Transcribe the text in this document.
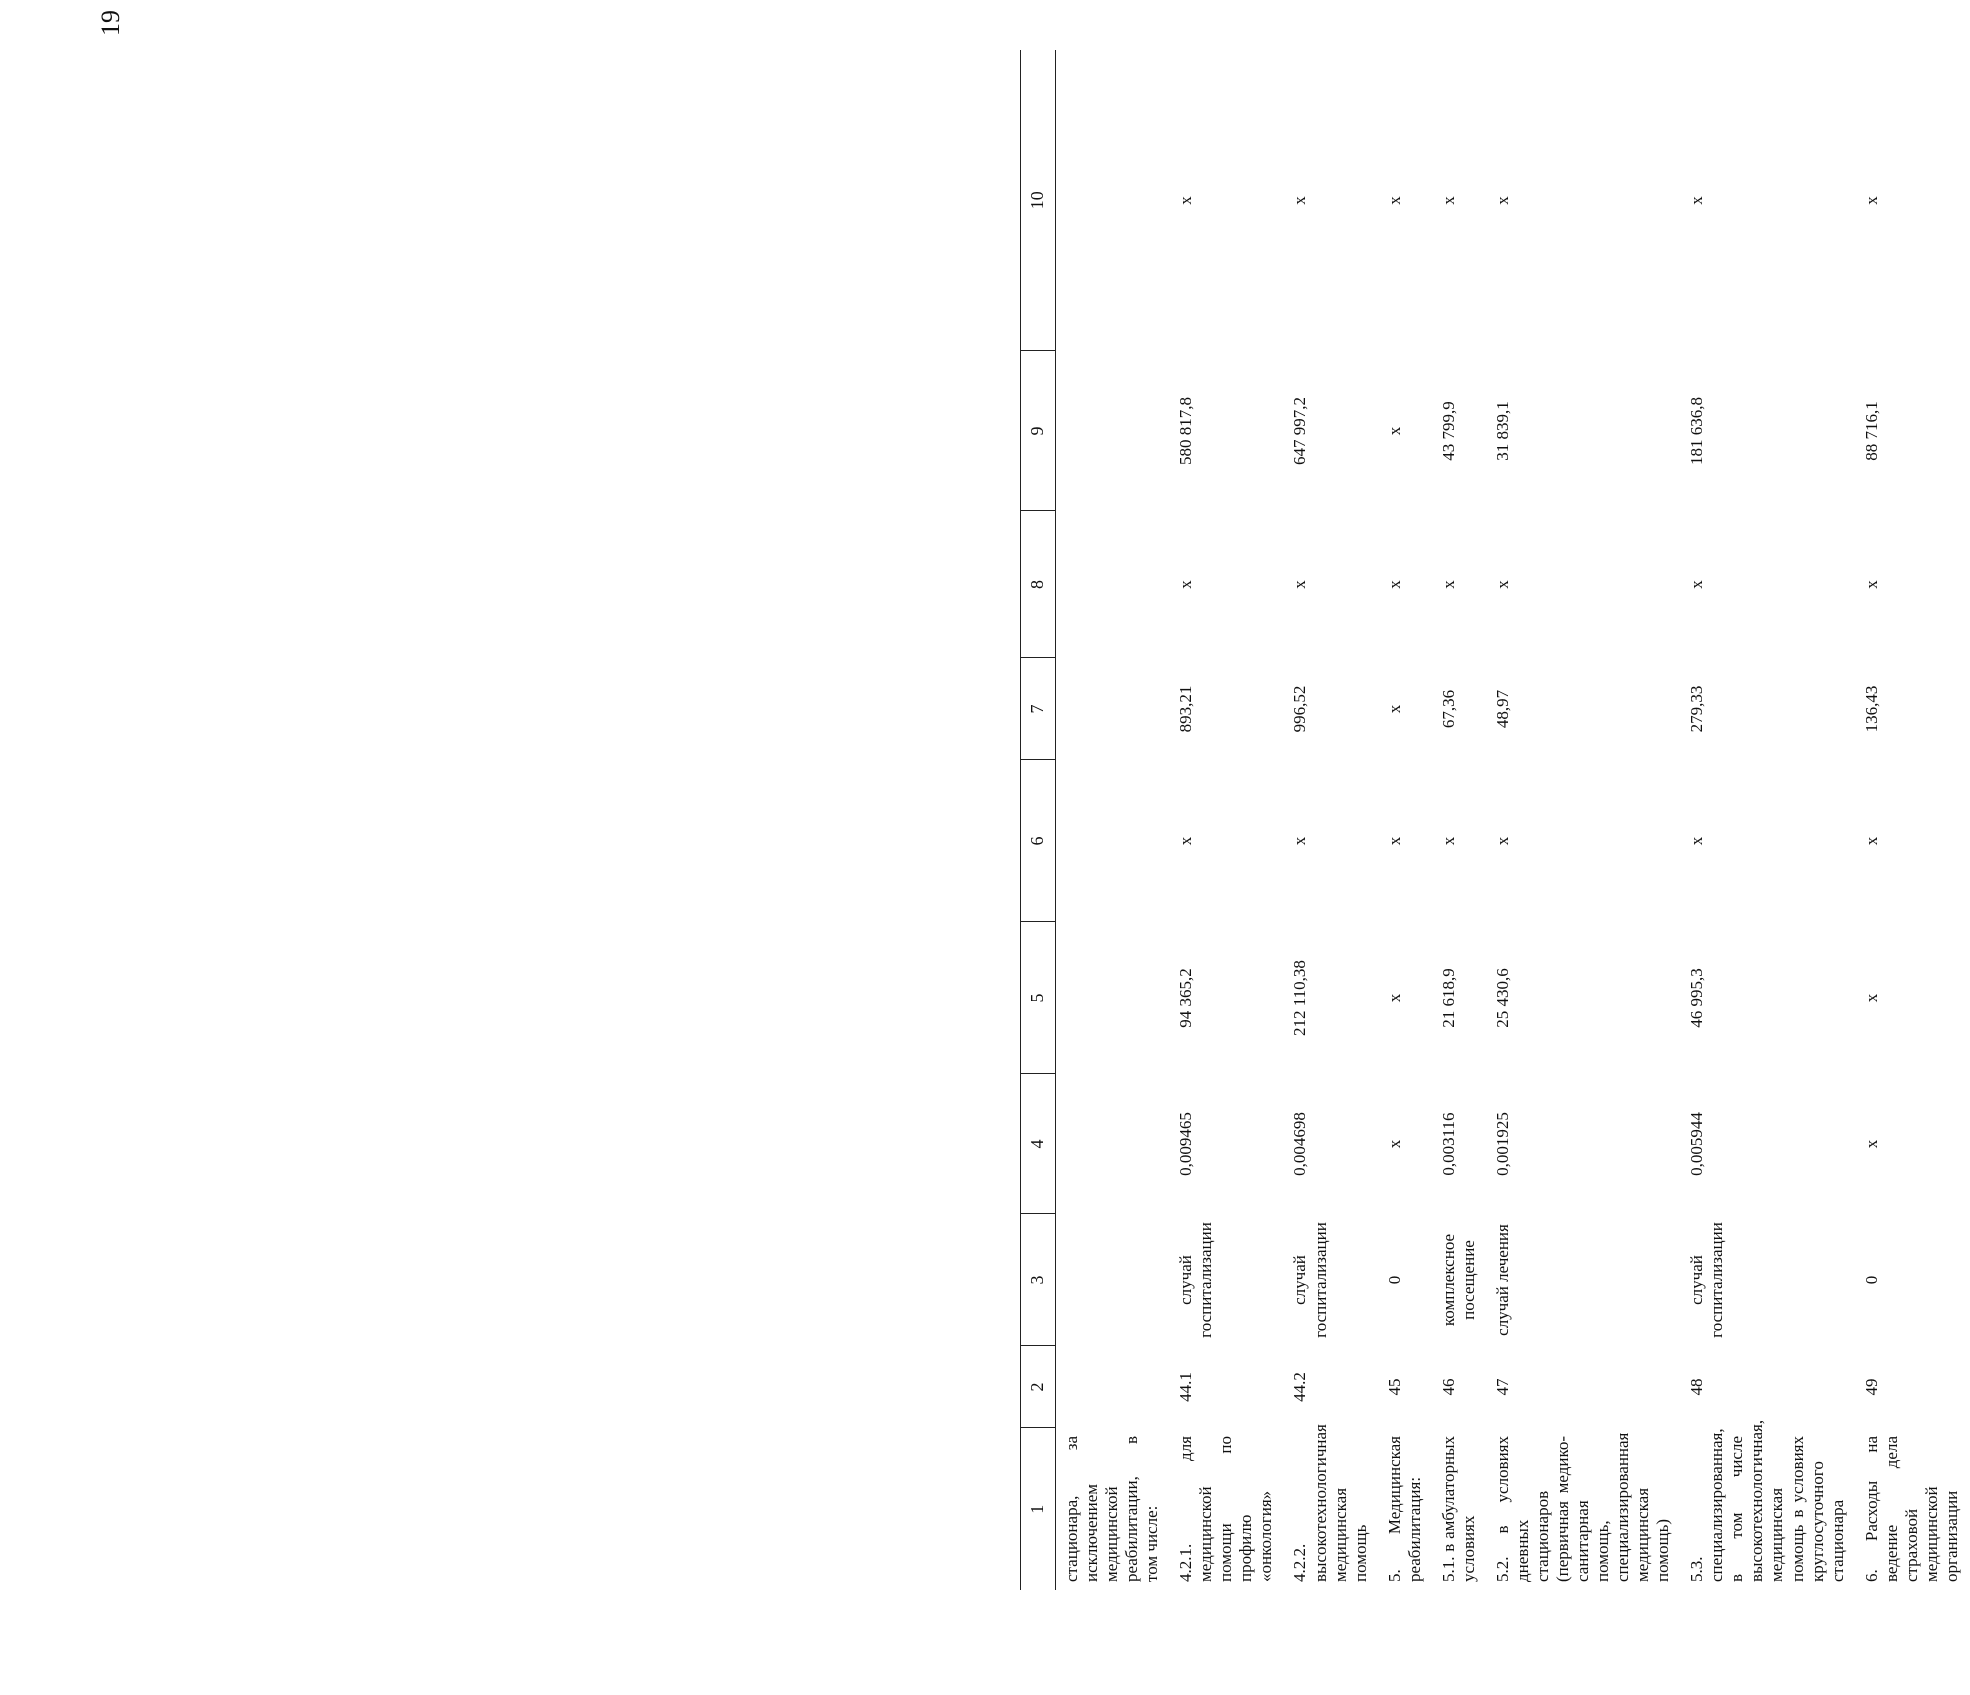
19
1	2	3	4	5	6	7	8	9	10
стационара, за исключением медицинской реабилитации, в том числе:									
4.2.1. для медицинской помощи по профилю «онкология»	44.1	случай госпитализации	0,009465	94 365,2	х	893,21	х	580 817,8	х
4.2.2. высокотехнологичная медицинская помощь	44.2	случай госпитализации	0,004698	212 110,38	х	996,52	х	647 997,2	х
5. Медицинская реабилитация:	45	0	х	х	х	х	х	х	х
5.1. в амбулаторных условиях	46	комплексное посещение	0,003116	21 618,9	х	67,36	х	43 799,9	х
5.2. в условиях дневных стационаров (первичная медико-санитарная помощь, специализированная медицинская помощь)	47	случай лечения	0,001925	25 430,6	х	48,97	х	31 839,1	х
5.3. специализированная, в том числе высокотехнологичная, медицинская помощь в условиях круглосуточного стационара	48	случай госпитализации	0,005944	46 995,3	х	279,33	х	181 636,8	х
6. Расходы на ведение дела страховой медицинской организации	49	0	х	х	х	136,43	х	88 716,1	х
